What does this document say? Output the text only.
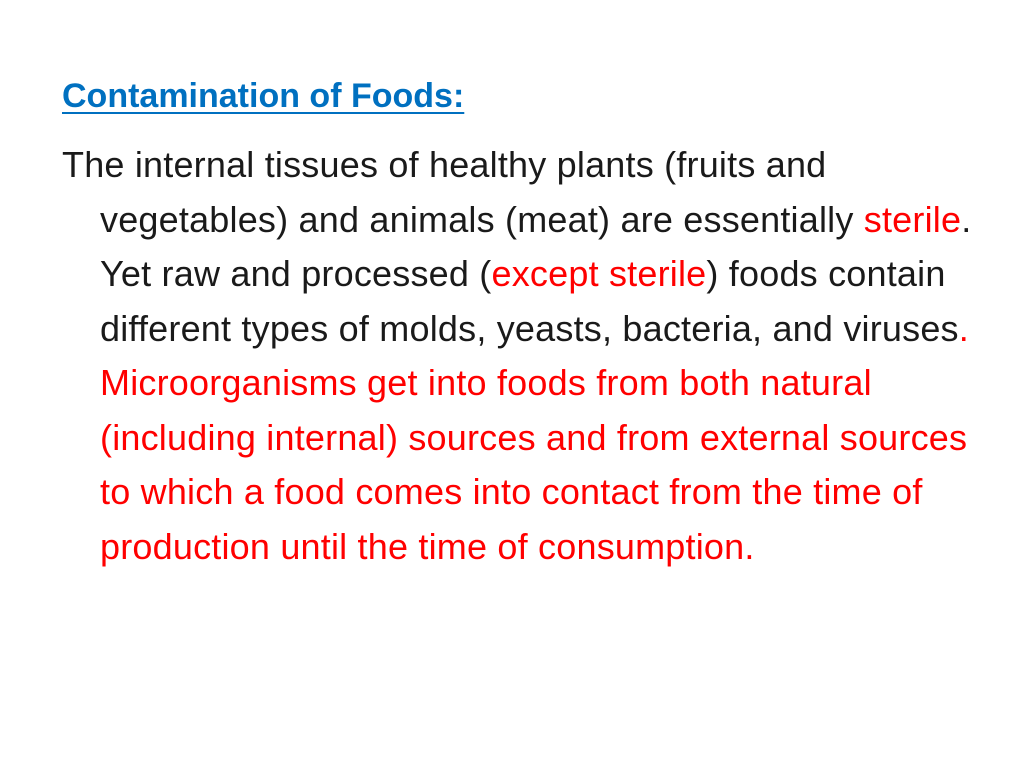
Contamination of Foods:

The internal tissues of healthy plants (fruits and vegetables) and animals (meat) are essentially sterile. Yet raw and processed (except sterile) foods contain different types of molds, yeasts, bacteria, and viruses. Microorganisms get into foods from both natural (including internal) sources and from external sources to which a food comes into contact from the time of production until the time of consumption.
